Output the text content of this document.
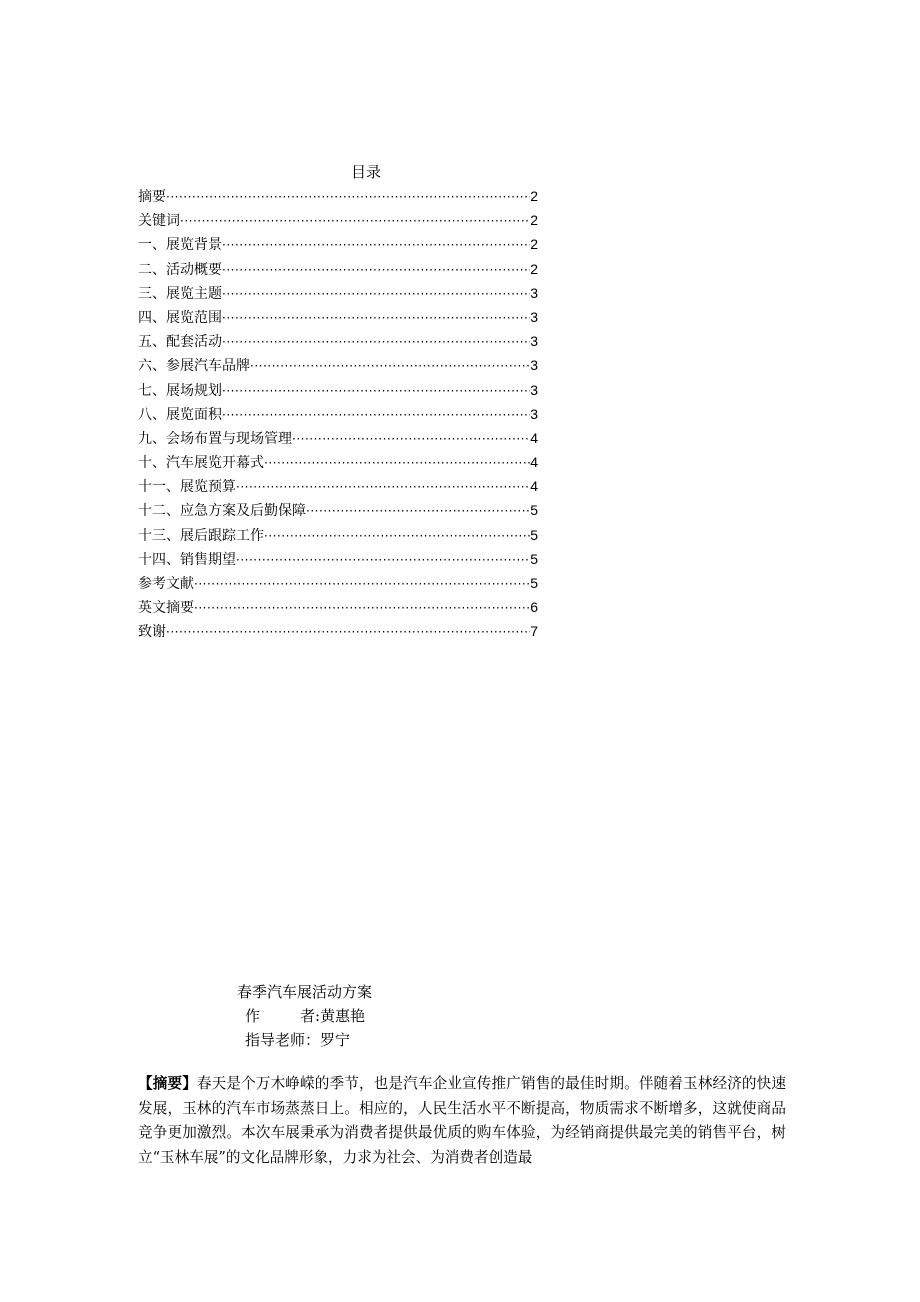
目录
摘要 ·····	2
关键词 ·····	2
一、展览背景 ·····	2
二、活动概要 ·····	2
三、展览主题 ·····	3
四、展览范围 ·····	3
五、配套活动 ·····	3
六、参展汽车品牌 ·····	3
七、展场规划 ·····	3
八、展览面积 ·····	3
九、会场布置与现场管理 ·····	4
十、汽车展览开幕式 ·····	4
十一、展览预算 ·····	4
十二、应急方案及后勤保障 ·····	5
十三、展后跟踪工作 ·····	5
十四、销售期望 ·····	5
参考文献 ·····	5
英文摘要 ·····	6
致谢 ·····	7
春季汽车展活动方案
作	者:黄惠艳
指导老师：罗宁

【摘要】春天是个万木峥嵘的季节，也是汽车企业宣传推广销售的最佳时期。伴随着玉林经济的快速发展，玉林的汽车市场蒸蒸日上。相应的，人民生活水平不断提高，物质需求不断增多，这就使商品竞争更加激烈。本次车展秉承为消费者提供最优质的购车体验，为经销商提供最完美的销售平台，树立“玉林车展”的文化品牌形象，力求为社会、为消费者创造最
